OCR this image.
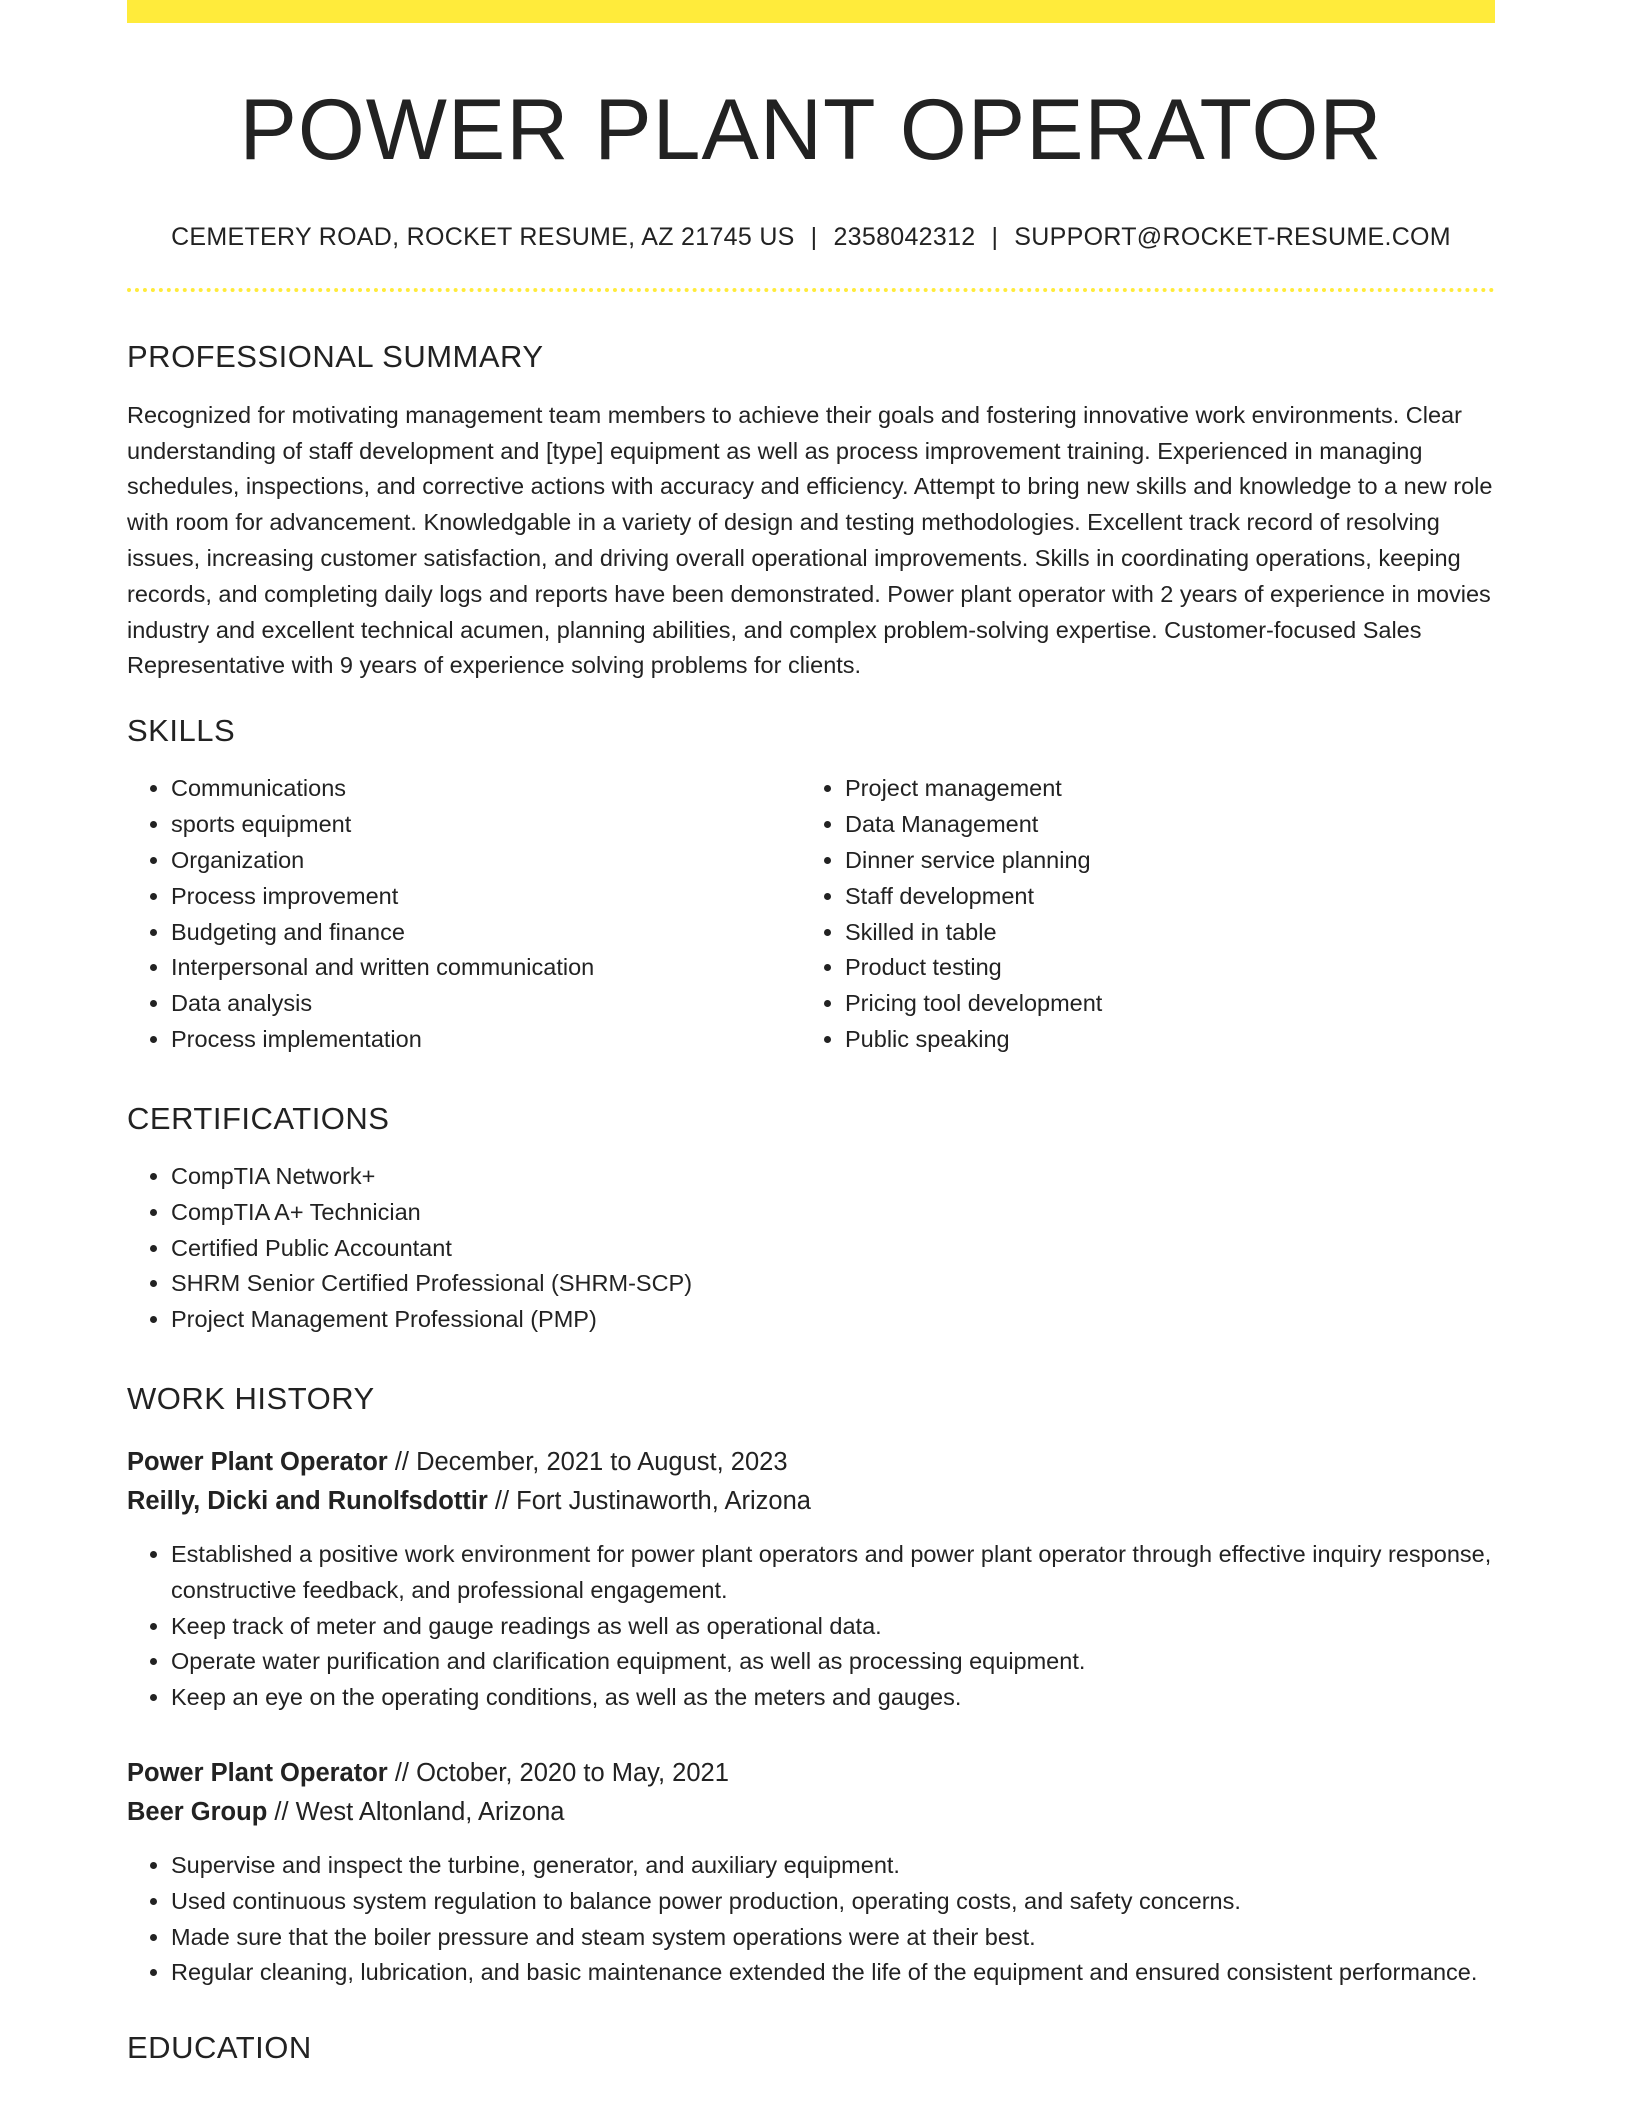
POWER PLANT OPERATOR
CEMETERY ROAD, ROCKET RESUME, AZ 21745 US | 2358042312 | SUPPORT@ROCKET-RESUME.COM
PROFESSIONAL SUMMARY

Recognized for motivating management team members to achieve their goals and fostering innovative work environments. Clear understanding of staff development and [type] equipment as well as process improvement training. Experienced in managing schedules, inspections, and corrective actions with accuracy and efficiency. Attempt to bring new skills and knowledge to a new role with room for advancement. Knowledgable in a variety of design and testing methodologies. Excellent track record of resolving issues, increasing customer satisfaction, and driving overall operational improvements. Skills in coordinating operations, keeping records, and completing daily logs and reports have been demonstrated. Power plant operator with 2 years of experience in movies industry and excellent technical acumen, planning abilities, and complex problem-solving expertise. Customer-focused Sales Representative with 9 years of experience solving problems for clients.

SKILLS
• Communications
• sports equipment
• Organization
• Process improvement
• Budgeting and finance
• Interpersonal and written communication
• Data analysis
• Process implementation
• Project management
• Data Management
• Dinner service planning
• Staff development
• Skilled in table
• Product testing
• Pricing tool development
• Public speaking
CERTIFICATIONS
• CompTIA Network+
• CompTIA A+ Technician
• Certified Public Accountant
• SHRM Senior Certified Professional (SHRM-SCP)
• Project Management Professional (PMP)
WORK HISTORY
Power Plant Operator // December, 2021 to August, 2023
Reilly, Dicki and Runolfsdottir // Fort Justinaworth, Arizona
• Established a positive work environment for power plant operators and power plant operator through effective inquiry response, constructive feedback, and professional engagement.
• Keep track of meter and gauge readings as well as operational data.
• Operate water purification and clarification equipment, as well as processing equipment.
• Keep an eye on the operating conditions, as well as the meters and gauges.
Power Plant Operator // October, 2020 to May, 2021
Beer Group // West Altonland, Arizona
• Supervise and inspect the turbine, generator, and auxiliary equipment.
• Used continuous system regulation to balance power production, operating costs, and safety concerns.
• Made sure that the boiler pressure and steam system operations were at their best.
• Regular cleaning, lubrication, and basic maintenance extended the life of the equipment and ensured consistent performance.
EDUCATION
